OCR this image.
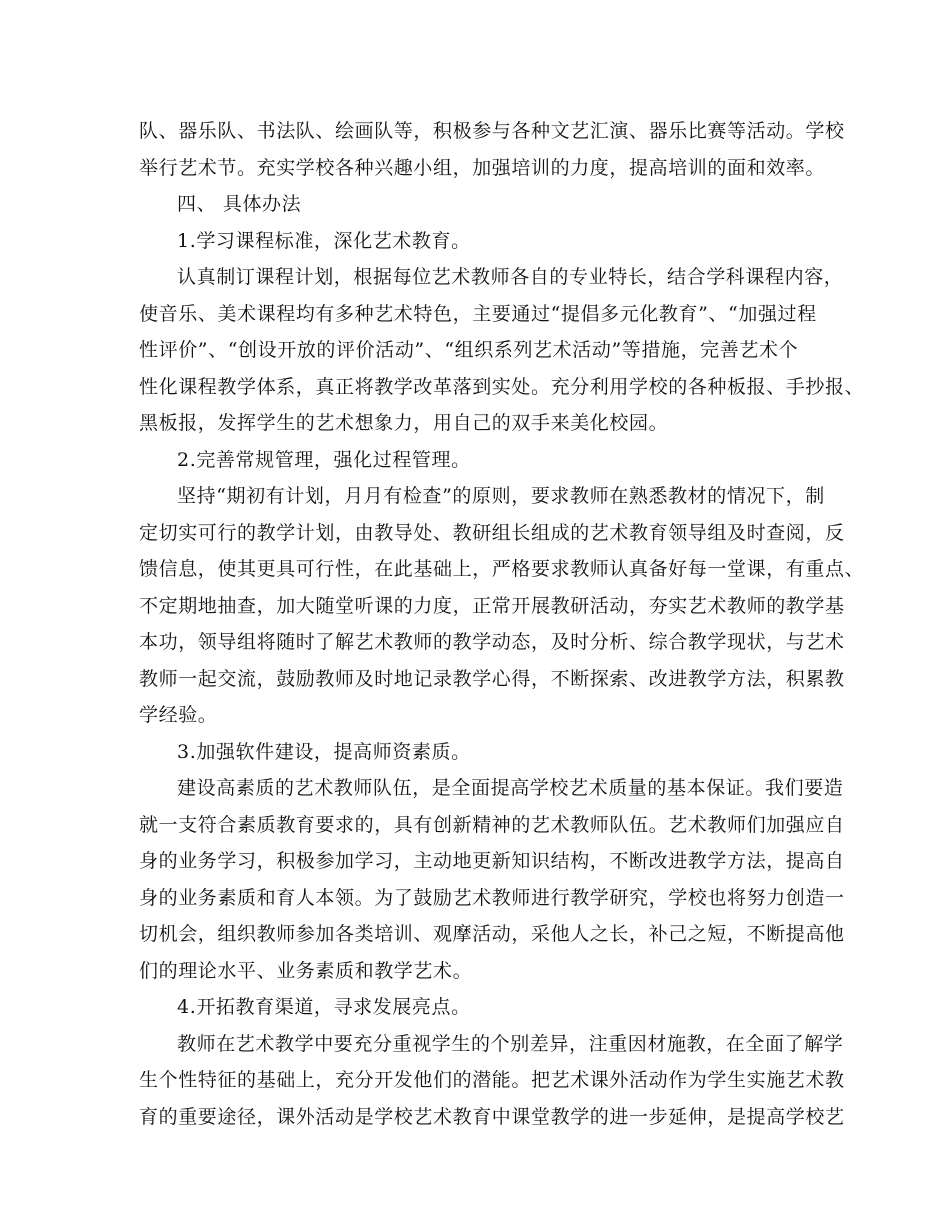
队、器乐队、书法队、绘画队等，积极参与各种文艺汇演、器乐比赛等活动。学校
举行艺术节。充实学校各种兴趣小组，加强培训的力度，提高培训的面和效率。
四、 具体办法
1.学习课程标准，深化艺术教育。
认真制订课程计划，根据每位艺术教师各自的专业特长，结合学科课程内容，
使音乐、美术课程均有多种艺术特色，主要通过“提倡多元化教育”、“加强过程
性评价”、“创设开放的评价活动”、“组织系列艺术活动”等措施，完善艺术个
性化课程教学体系，真正将教学改革落到实处。充分利用学校的各种板报、手抄报、
黑板报，发挥学生的艺术想象力，用自己的双手来美化校园。
2.完善常规管理，强化过程管理。
坚持“期初有计划，月月有检查”的原则，要求教师在熟悉教材的情况下，制
定切实可行的教学计划，由教导处、教研组长组成的艺术教育领导组及时查阅，反
馈信息，使其更具可行性，在此基础上，严格要求教师认真备好每一堂课，有重点、
不定期地抽查，加大随堂听课的力度，正常开展教研活动，夯实艺术教师的教学基
本功，领导组将随时了解艺术教师的教学动态，及时分析、综合教学现状，与艺术
教师一起交流，鼓励教师及时地记录教学心得，不断探索、改进教学方法，积累教
学经验。
3.加强软件建设，提高师资素质。
建设高素质的艺术教师队伍，是全面提高学校艺术质量的基本保证。我们要造
就一支符合素质教育要求的，具有创新精神的艺术教师队伍。艺术教师们加强应自
身的业务学习，积极参加学习，主动地更新知识结构，不断改进教学方法，提高自
身的业务素质和育人本领。为了鼓励艺术教师进行教学研究，学校也将努力创造一
切机会，组织教师参加各类培训、观摩活动，采他人之长，补己之短，不断提高他
们的理论水平、业务素质和教学艺术。
4.开拓教育渠道，寻求发展亮点。
教师在艺术教学中要充分重视学生的个别差异，注重因材施教，在全面了解学
生个性特征的基础上，充分开发他们的潜能。把艺术课外活动作为学生实施艺术教
育的重要途径，课外活动是学校艺术教育中课堂教学的进一步延伸，是提高学校艺
